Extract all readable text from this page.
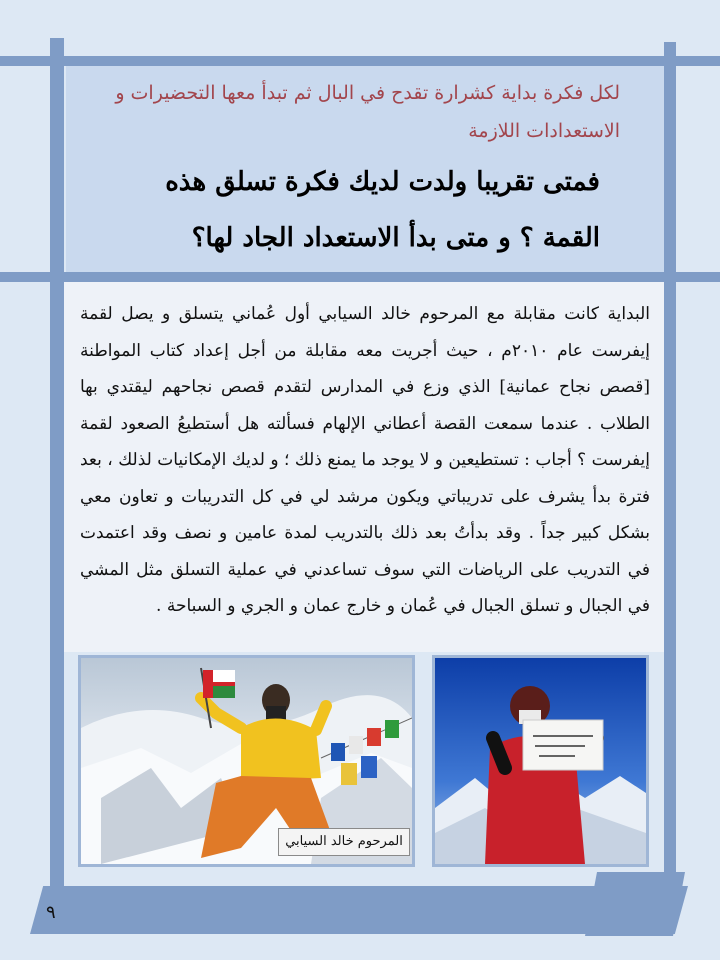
لكل فكرة بداية كشرارة تقدح في البال ثم تبدأ معها التحضيرات و الاستعدادات اللازمة
فمتى تقريبا ولدت لديك فكرة تسلق هذه القمة ؟ و متى بدأ الاستعداد الجاد لها؟
البداية كانت مقابلة مع المرحوم خالد السيابي أول عُماني يتسلق و يصل لقمة إيفرست عام ٢٠١٠م ، حيث أجريت معه مقابلة من أجل إعداد كتاب المواطنة [قصص نجاح عمانية] الذي وزع في المدارس لتقدم قصص نجاحهم ليقتدي بها الطلاب . عندما سمعت القصة أعطاني الإلهام فسألته هل أستطيعُ الصعود لقمة إيفرست ؟ أجاب : تستطيعين و لا يوجد ما يمنع ذلك ؛ و لديك الإمكانيات لذلك ، بعد فترة بدأ يشرف على تدريباتي ويكون مرشد لي في كل التدريبات و تعاون معي بشكل كبير جداً . وقد بدأتُ بعد ذلك بالتدريب لمدة عامين و نصف وقد اعتمدت في التدريب على الرياضات التي سوف تساعدني في عملية التسلق مثل المشي في الجبال و تسلق الجبال في عُمان و خارج عمان و الجري و السباحة .
المرحوم خالد السيابي
٩
